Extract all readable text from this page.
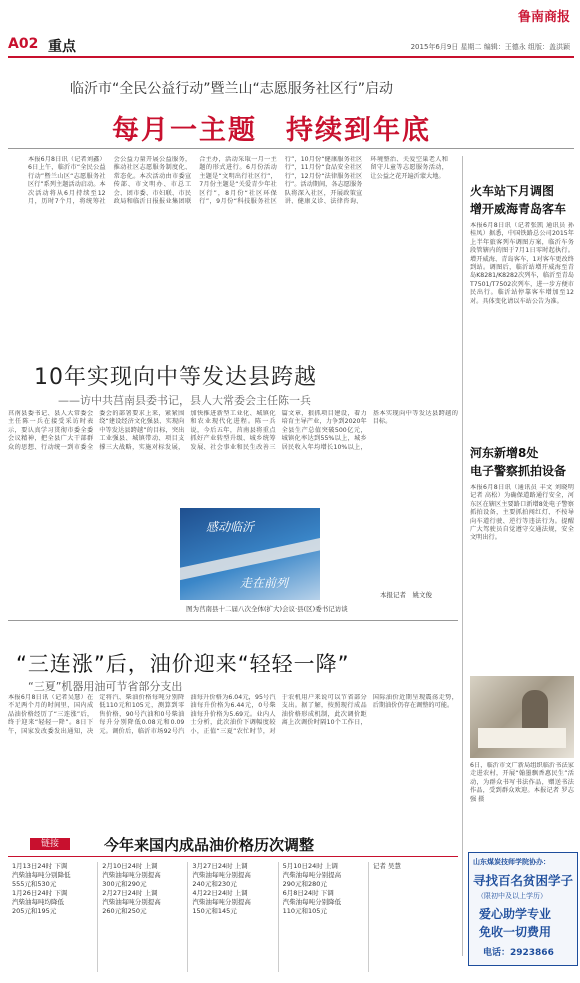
鲁南商报
A02 重点	2015年6月9日 星期二 编辑：王德永 组版：盖洪颖
临沂市“全民公益行动”暨兰山“志愿服务社区行”启动
每月一主题　持续到年底
本报6月8日讯（记者刘鑫）6日上午，临沂市“全民公益行动”暨兰山区“志愿服务社区行”系列主题活动启动。本次活动将从6月持续至12月，历时7个月，将统筹社会公益力量开展公益服务，推动社区志愿服务制度化、常态化。本次活动由市委宣传部、市文明办、市总工会、团市委、市妇联、市民政局和临沂日报报业集团联合主办，活动采取一月一主题的形式进行。6月份活动主题是“文明出行社区行”，7月份主题是“关爱青少年社区行”，8月份“社区环保行”，9月份“科技服务社区行”，10月份“健康服务社区行”，11月份“食品安全社区行”，12月份“法律服务社区行”。活动期间，各志愿服务队将深入社区，开展政策宣讲、健康义诊、法律咨询、环境整治、关爱空巢老人和留守儿童等志愿服务活动，让公益之花开遍沂蒙大地。
10年实现向中等发达县跨越
——访中共莒南县委书记，县人大常委会主任陈一兵
莒南县委书记、县人大常委会主任陈一兵在接受采访时表示，要认真学习贯彻市委全委会议精神，把全县广大干部群众的思想、行动统一到市委全委会的部署要求上来，紧紧围绕“建设经济文化强县、实现向中等发达县跨越”的目标，突出工业强县、城镇带动、项目支撑三大战略，实施对标发展，加快推进新型工业化、城镇化和农业现代化进程。陈一兵说，今后五年，莒南县将重点抓好产业转型升级、城乡统筹发展、社会事业和民生改善三篇文章，狠抓项目建设，着力培育主导产业，力争到2020年全县生产总值突破500亿元，城镇化率达到55%以上，城乡居民收入年均增长10%以上，基本实现向中等发达县跨越的目标。
感动临沂
走在前列
图为莒南县十二届八次全体(扩大)会议·县(区)委书记访谈
本报记者　姚文俊
“三连涨”后，油价迎来“轻轻一降”
“三夏”机器用油可节省部分支出
本报6月8日讯（记者吴慧）在不足两个月的时间里，国内成品油价格经历了“三连涨”后，终于迎来“轻轻一降”。8日下午，国家发改委发出通知，决定将汽、柴油价格每吨分别降低110元和105元，测算到零售价格，90号汽油和0号柴油每升分别降低0.08元和0.09元。调价后，临沂市场92号汽油每升价格为6.04元，95号汽油每升价格为6.44元，0号柴油每升价格为5.69元。业内人士分析，此次油价下调幅度较小，正值“三夏”农忙时节，对于农机用户来说可以节省部分支出。据了解，按照现行成品油价格形成机制，此次调价距离上次调价时隔10个工作日，国际油价近期呈现震荡走势，后期油价仍存在调整的可能。
链接	今年来国内成品油价格历次调整
1月13日24时 下调
汽柴油每吨分别降低
555元和530元
1月26日24时 下调
汽柴油每吨均降低
205元和195元
2月10日24时 上调
汽柴油每吨分别提高
300元和290元
2月27日24时 上调
汽柴油每吨分别提高
260元和250元
3月27日24时 上调
汽柴油每吨分别提高
240元和230元
4月22日24时 上调
汽柴油每吨分别提高
150元和145元
5月10日24时 上调
汽柴油每吨分别提高
290元和280元
6月8日24时 下调
汽柴油每吨分别降低
110元和105元
记者 吴慧
火车站下月调图
增开威海青岛客车
本报6月8日讯（记者张凯 通讯员 孙桂凤）据悉，中国铁路总公司2015年上半年旅客列车调图方案，临沂车务段管辖内的图于7月1日零时起执行。增开威海、青岛客车，1对客车更改终到站。调图后，临沂站增开威海至青岛K8281/K8282次列车，临沂至青岛T7501/T7502次列车，进一步方便市民出行。临沂站停靠客车增加至12对。具体变化请以车站公告为准。
河东新增8处
电子警察抓拍设备
本报6月8日讯（通讯员 丰文 刘晓明 记者 高松）为确保道路通行安全，河东区在辖区主要路口新增8处电子警察抓拍设备，主要抓拍闯红灯、不按导向车道行驶、逆行等违法行为。提醒广大驾驶员自觉遵守交通法规，安全文明出行。
6日，临沂市文广新局组织临沂书法家走进农村，开展“翰墨飘香惠民生”活动，为群众书写书法作品，赠送书法作品，受到群众欢迎。本报记者 罗志强 摄
山东煤炭技师学院协办：
寻找百名贫困学子
（限初中及以上学历）
爱心助学专业
免收一切费用
电话：2923866
